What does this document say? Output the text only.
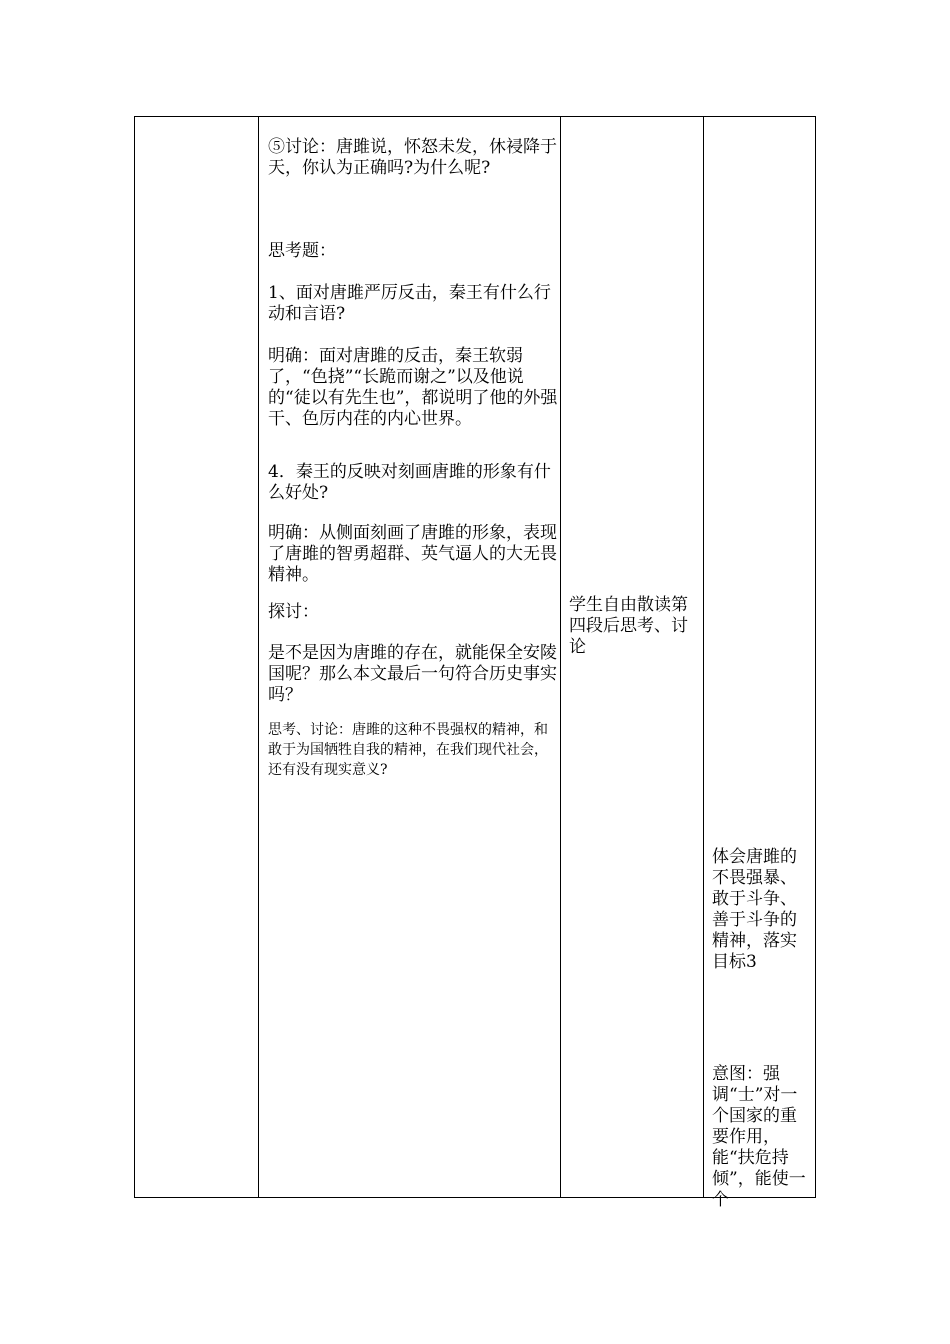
⑤讨论：唐雎说，怀怒未发，休祲降于天，你认为正确吗?为什么呢?

思考题：

1、面对唐雎严厉反击，秦王有什么行动和言语?

明确：面对唐雎的反击，秦王软弱了，“色挠”“长跪而谢之”以及他说的“徒以有先生也”，都说明了他的外强干、色厉内荏的内心世界。

4．秦王的反映对刻画唐雎的形象有什么好处?

明确：从侧面刻画了唐雎的形象，表现了唐雎的智勇超群、英气逼人的大无畏精神。

探讨：

是不是因为唐雎的存在，就能保全安陵国呢？那么本文最后一句符合历史事实吗？

思考、讨论：唐雎的这种不畏强权的精神，和敢于为国牺牲自我的精神，在我们现代社会，还有没有现实意义?

学生自由散读第四段后思考、讨论

体会唐雎的不畏强暴、敢于斗争、善于斗争的精神，落实目标3

意图：强调“士”对一个国家的重要作用，能“扶危持倾”，能使一个
